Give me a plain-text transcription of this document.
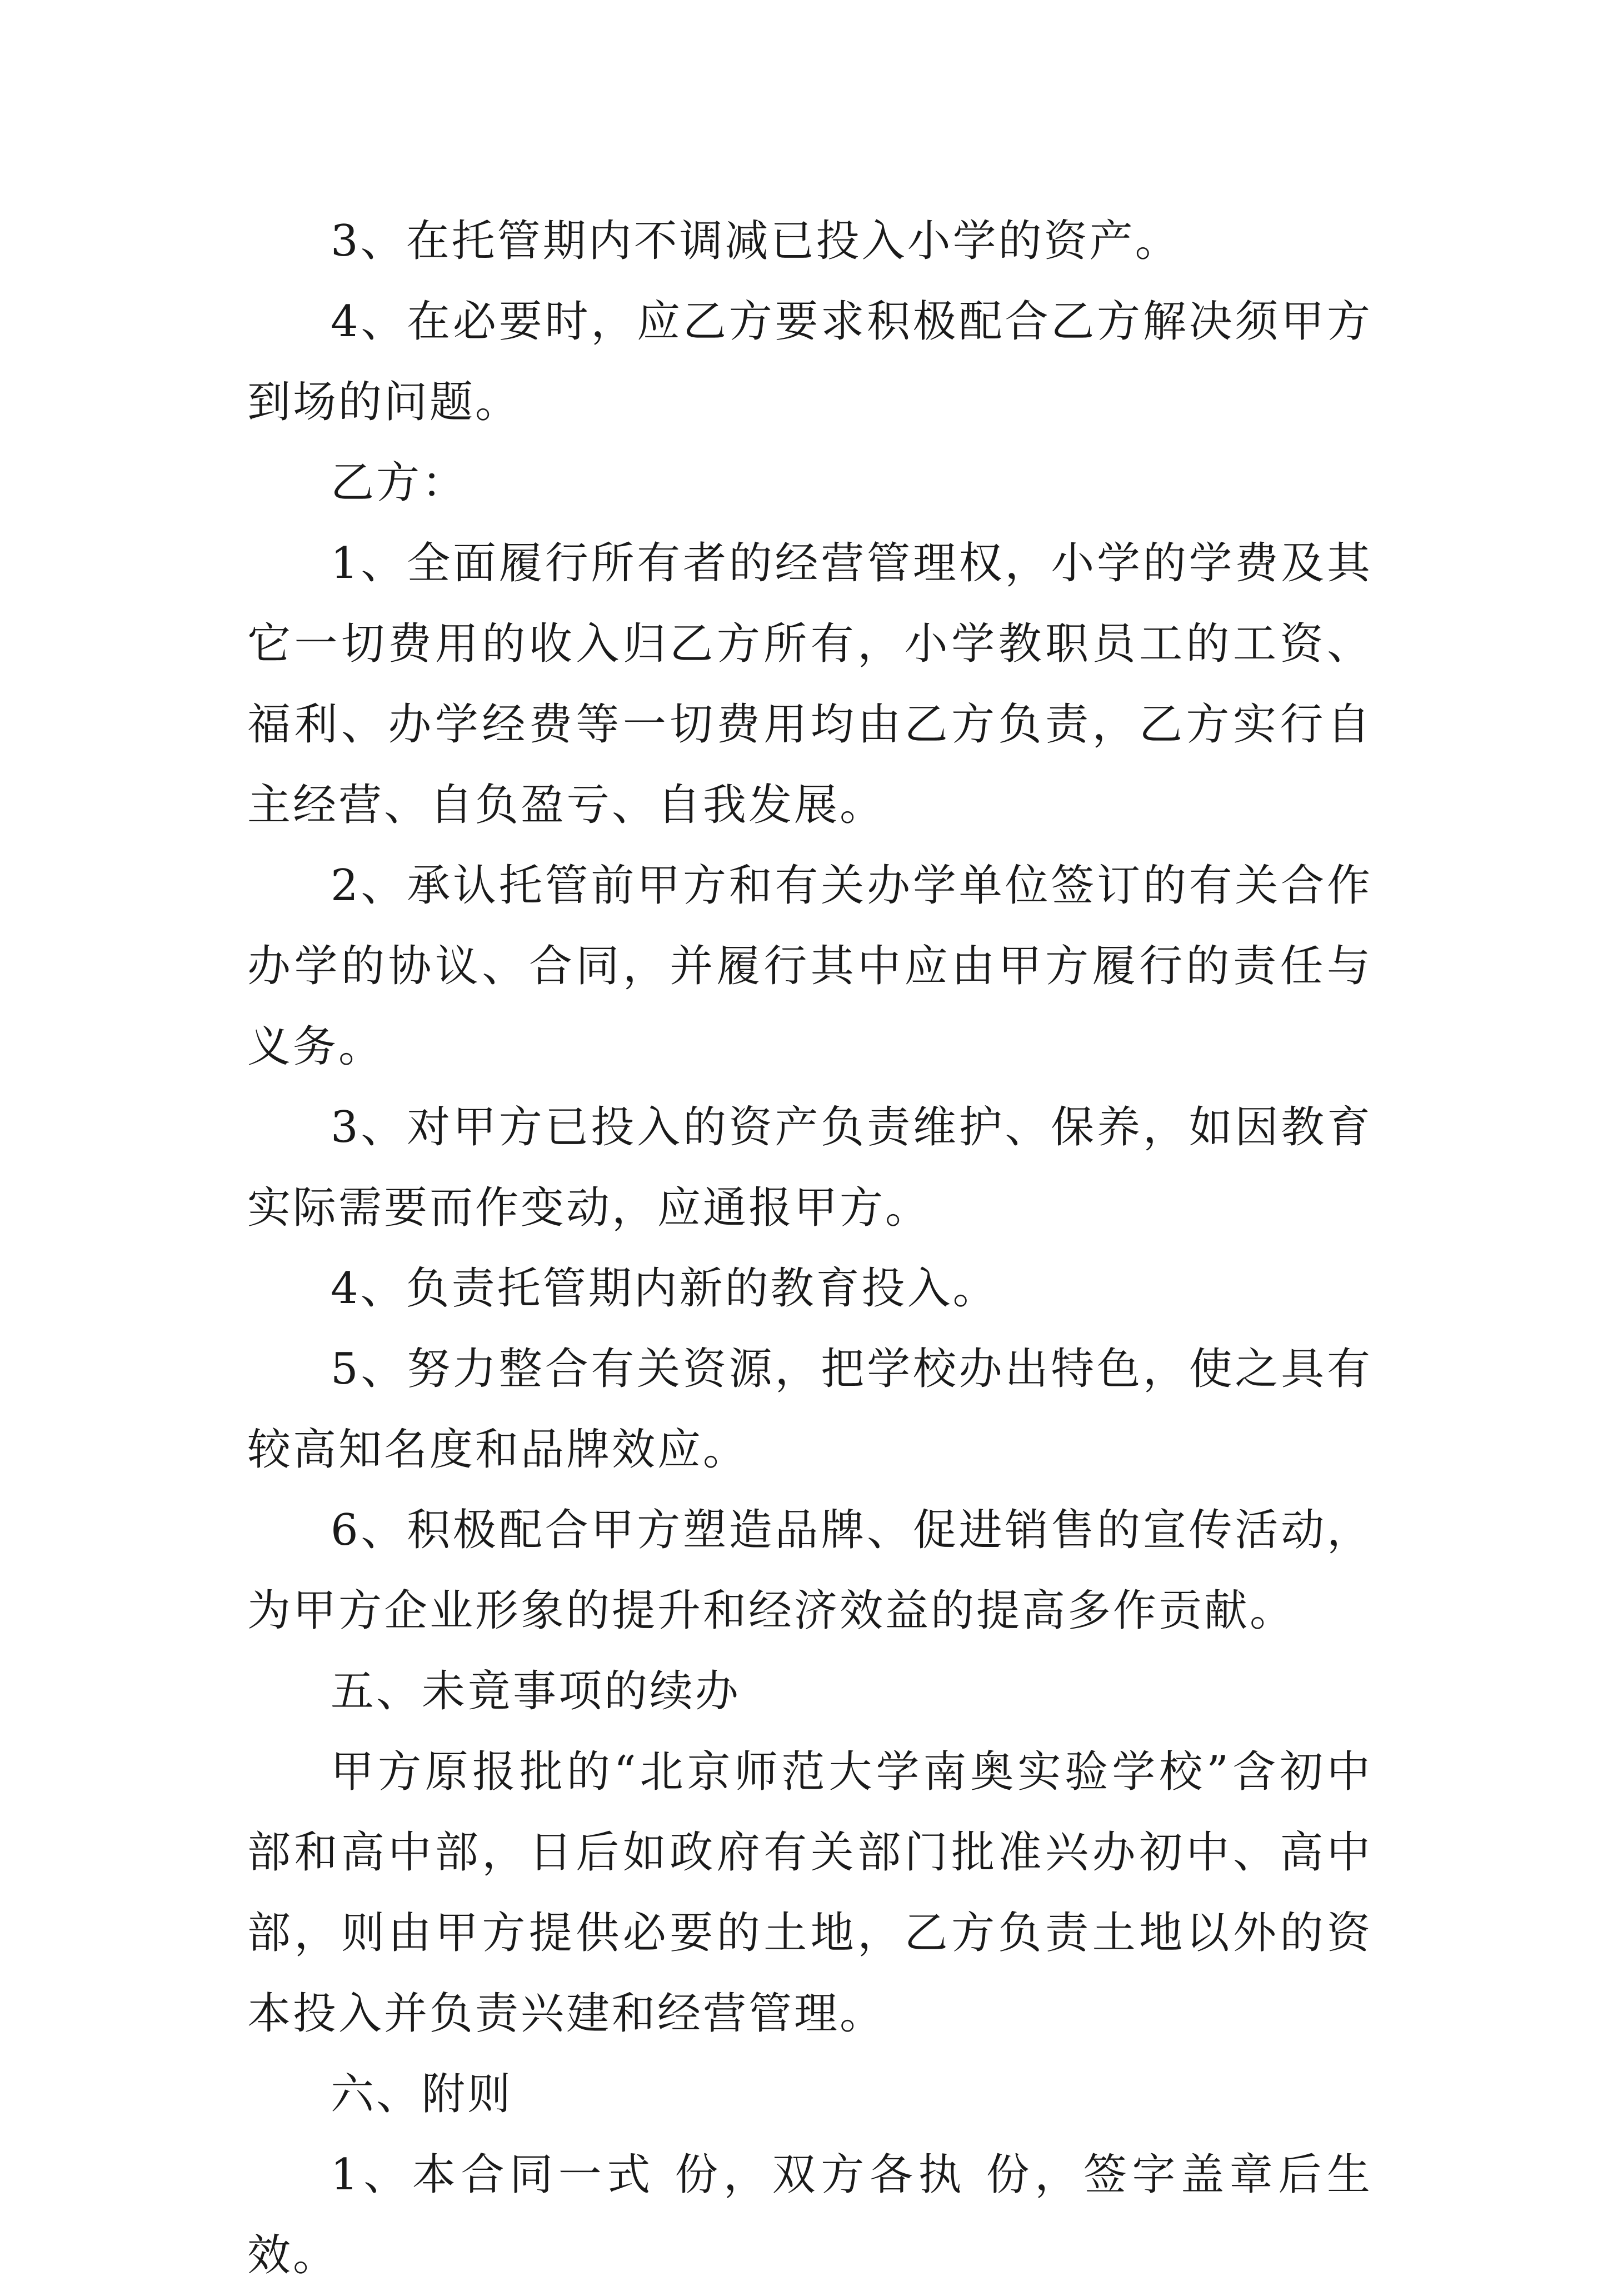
3、在托管期内不调减已投入小学的资产。

4、在必要时，应乙方要求积极配合乙方解决须甲方到场的问题。

乙方：

1、全面履行所有者的经营管理权，小学的学费及其它一切费用的收入归乙方所有，小学教职员工的工资、福利、办学经费等一切费用均由乙方负责，乙方实行自主经营、自负盈亏、自我发展。

2、承认托管前甲方和有关办学单位签订的有关合作办学的协议、合同，并履行其中应由甲方履行的责任与义务。

3、对甲方已投入的资产负责维护、保养，如因教育实际需要而作变动，应通报甲方。

4、负责托管期内新的教育投入。

5、努力整合有关资源，把学校办出特色，使之具有较高知名度和品牌效应。

6、积极配合甲方塑造品牌、促进销售的宣传活动，为甲方企业形象的提升和经济效益的提高多作贡献。

五、未竟事项的续办

甲方原报批的“北京师范大学南奥实验学校”含初中部和高中部，日后如政府有关部门批准兴办初中、高中部，则由甲方提供必要的土地，乙方负责土地以外的资本投入并负责兴建和经营管理。

六、附则

1、本合同一式 份，双方各执 份，签字盖章后生效。
